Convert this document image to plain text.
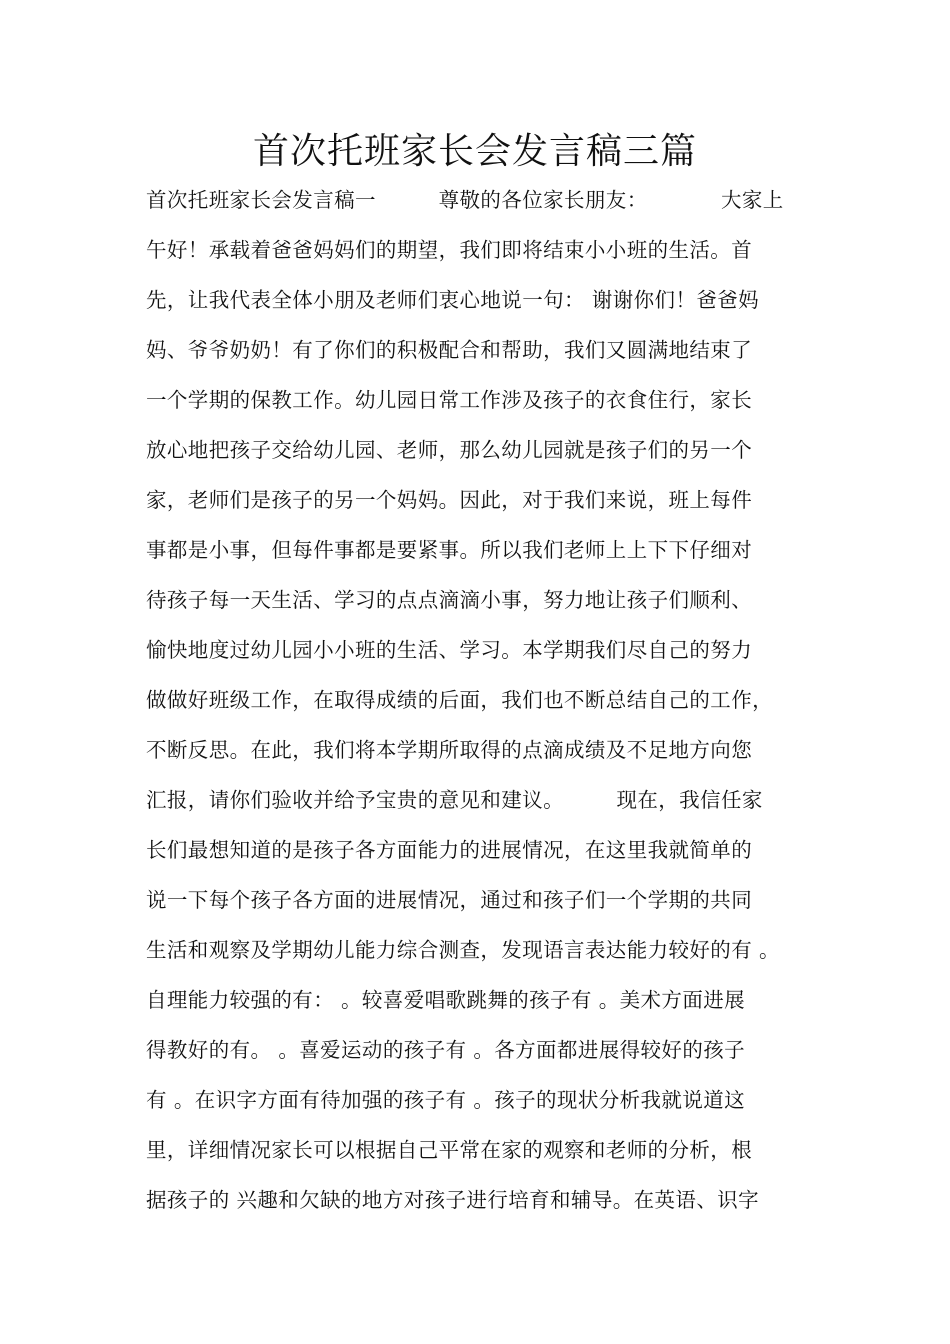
首次托班家长会发言稿三篇
首次托班家长会发言稿一　　　尊敬的各位家长朋友：　　　　大家上
午好！承载着爸爸妈妈们的期望，我们即将结束小小班的生活。首
先，让我代表全体小朋及老师们衷心地说一句： 谢谢你们！爸爸妈
妈、爷爷奶奶！有了你们的积极配合和帮助，我们又圆满地结束了
一个学期的保教工作。幼儿园日常工作涉及孩子的衣食住行，家长
放心地把孩子交给幼儿园、老师，那么幼儿园就是孩子们的另一个
家，老师们是孩子的另一个妈妈。因此，对于我们来说，班上每件
事都是小事，但每件事都是要紧事。所以我们老师上上下下仔细对
待孩子每一天生活、学习的点点滴滴小事，努力地让孩子们顺利、
愉快地度过幼儿园小小班的生活、学习。本学期我们尽自己的努力
做做好班级工作，在取得成绩的后面，我们也不断总结自己的工作，
不断反思。在此，我们将本学期所取得的点滴成绩及不足地方向您
汇报，请你们验收并给予宝贵的意见和建议。　　　现在，我信任家
长们最想知道的是孩子各方面能力的进展情况，在这里我就简单的
说一下每个孩子各方面的进展情况，通过和孩子们一个学期的共同
生活和观察及学期幼儿能力综合测查，发现语言表达能力较好的有 。
自理能力较强的有： 。较喜爱唱歌跳舞的孩子有 。美术方面进展
得教好的有。 。喜爱运动的孩子有 。各方面都进展得较好的孩子
有 。在识字方面有待加强的孩子有 。孩子的现状分析我就说道这
里，详细情况家长可以根据自己平常在家的观察和老师的分析，根
据孩子的 兴趣和欠缺的地方对孩子进行培育和辅导。在英语、识字
